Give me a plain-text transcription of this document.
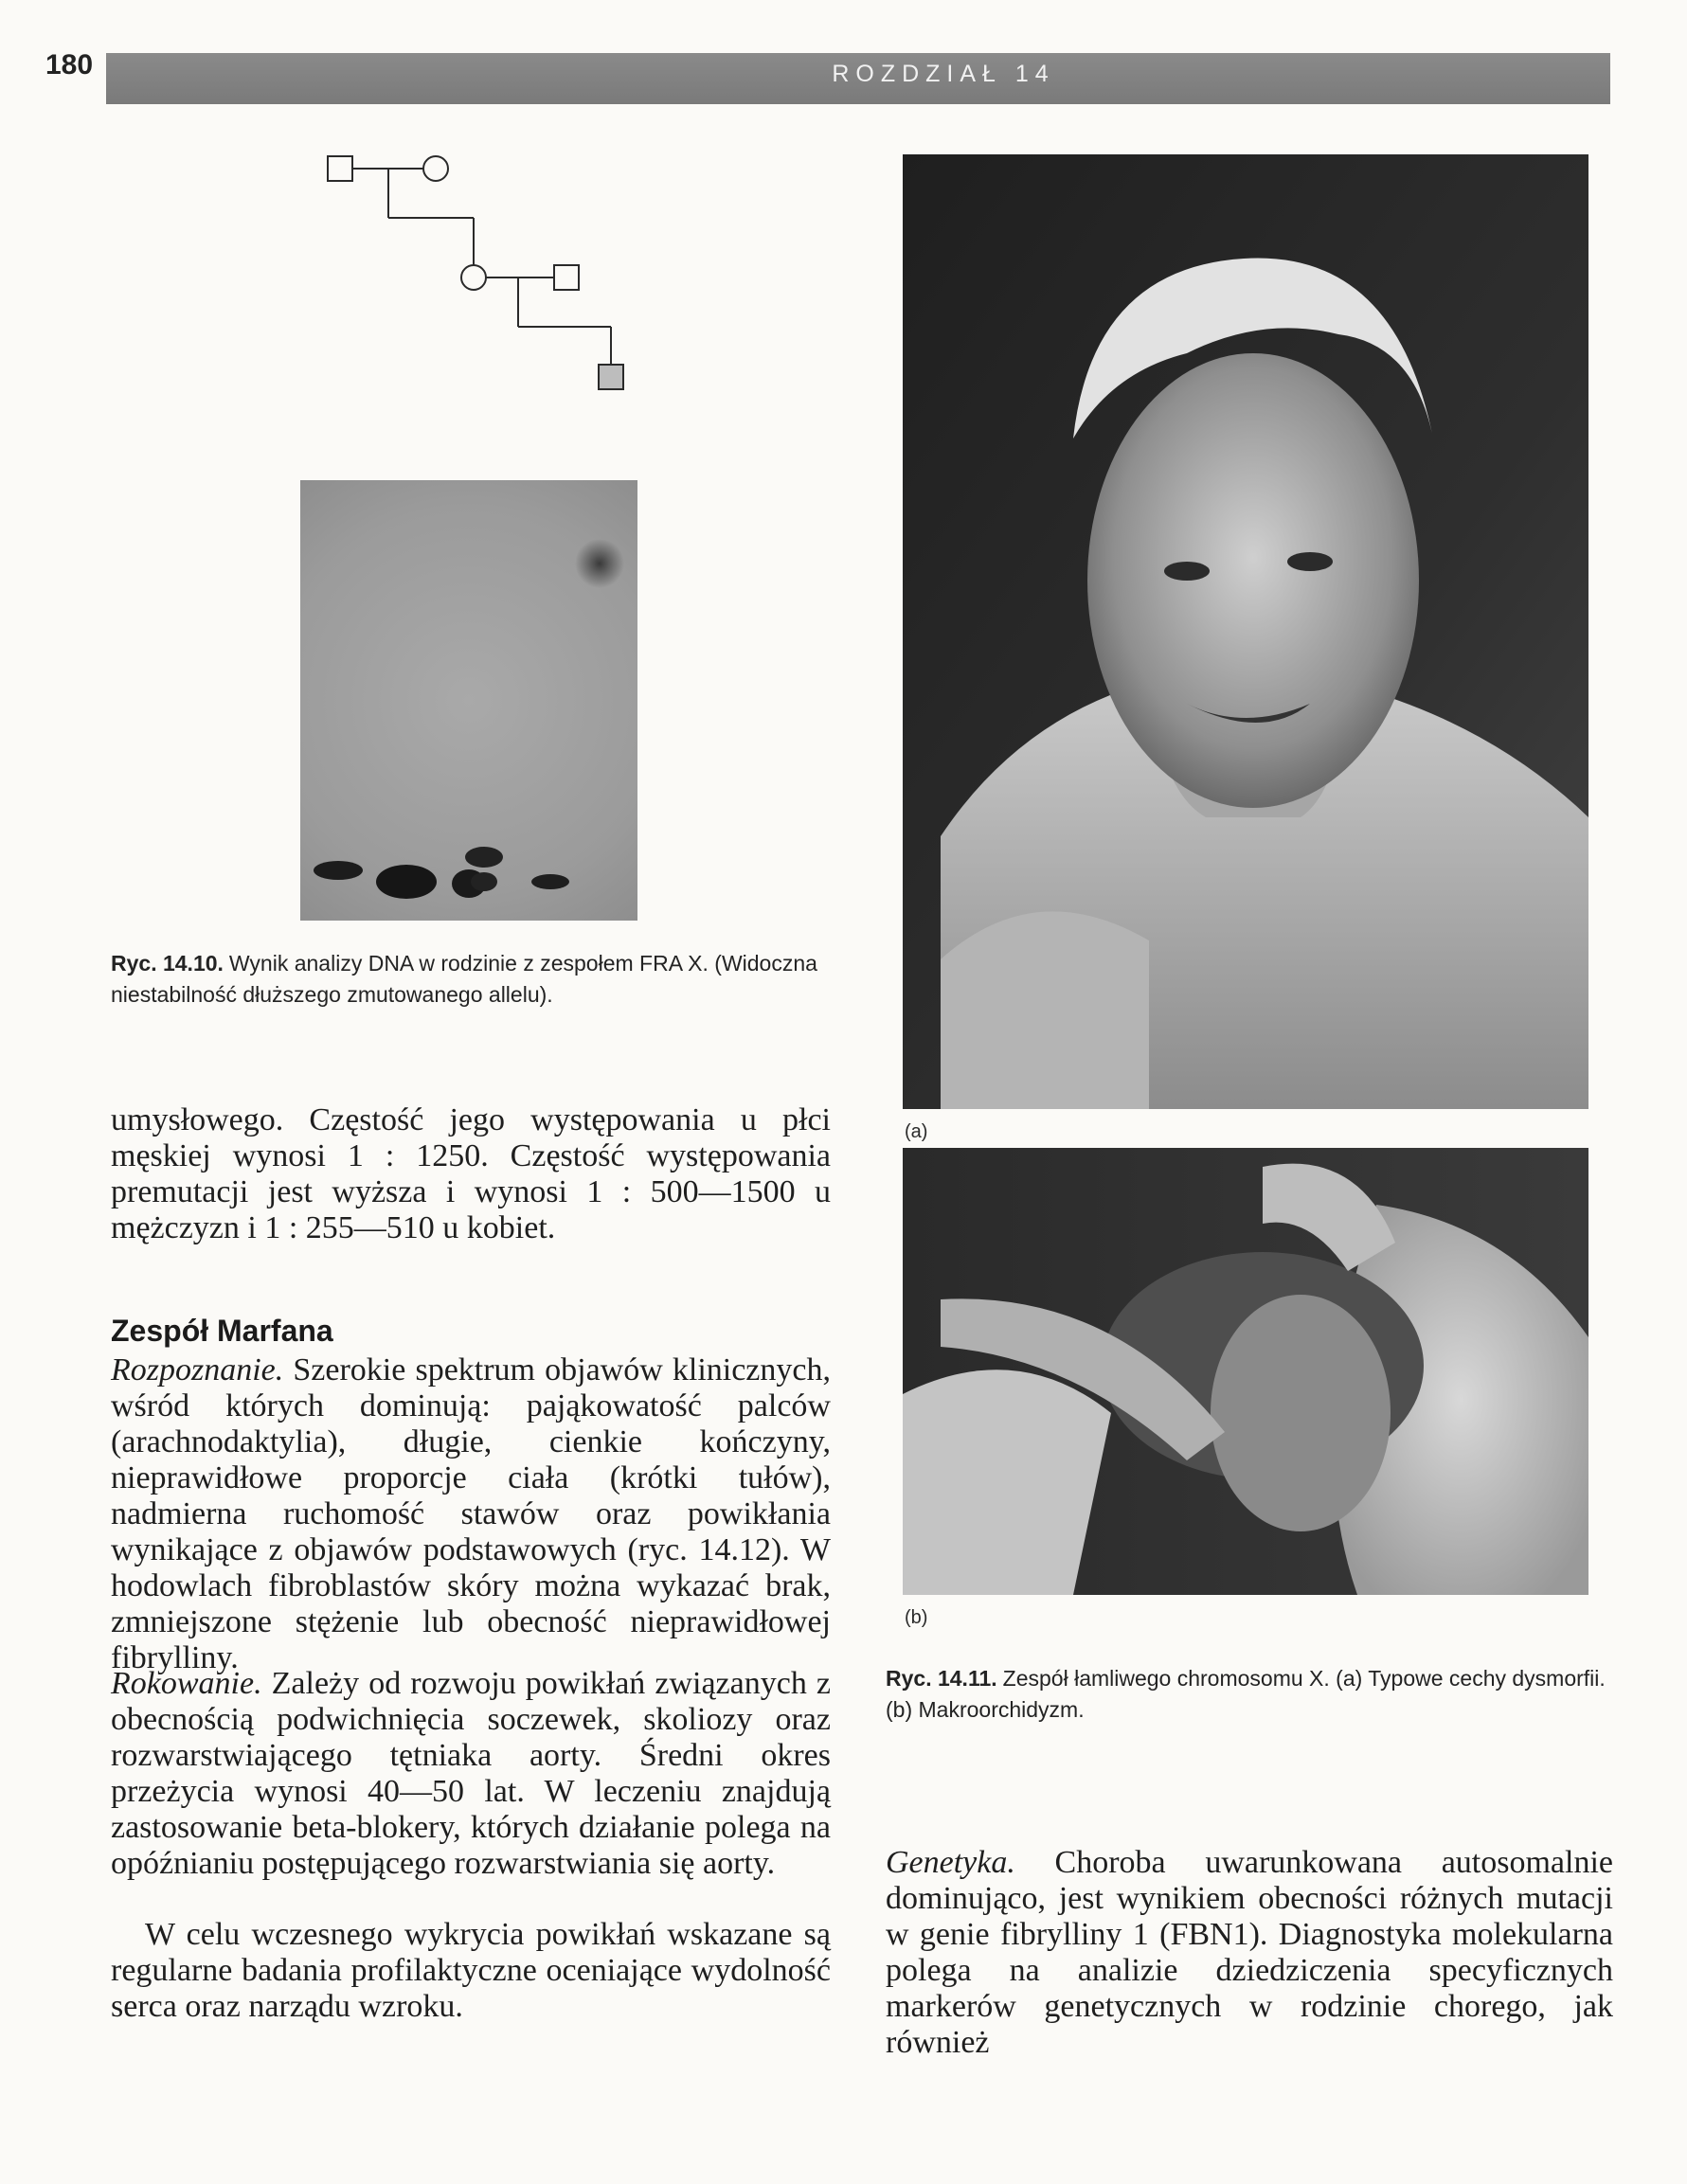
180	ROZDZIAŁ 14
Ryc. 14.10. Wynik analizy DNA w rodzinie z zespołem FRA X. (Widoczna niestabilność dłuższego zmutowanego allelu).
(a)
(b)
Ryc. 14.11. Zespół łamliwego chromosomu X. (a) Typowe cechy dysmorfii. (b) Makroorchidyzm.

umysłowego. Częstość jego występowania u płci męskiej wynosi 1 : 1250. Częstość występowania premutacji jest wyższa i wynosi 1 : 500—1500 u mężczyzn i 1 : 255—510 u kobiet.

Zespół Marfana

Rozpoznanie. Szerokie spektrum objawów klinicznych, wśród których dominują: pająkowatość palców (arachnodaktylia), długie, cienkie kończyny, nieprawidłowe proporcje ciała (krótki tułów), nadmierna ruchomość stawów oraz powikłania wynikające z objawów podstawowych (ryc. 14.12). W hodowlach fibroblastów skóry można wykazać brak, zmniejszone stężenie lub obecność nieprawidłowej fibrylliny.

Rokowanie. Zależy od rozwoju powikłań związanych z obecnością podwichnięcia soczewek, skoliozy oraz rozwarstwiającego tętniaka aorty. Średni okres przeżycia wynosi 40—50 lat. W leczeniu znajdują zastosowanie beta-blokery, których działanie polega na opóźnianiu postępującego rozwarstwiania się aorty.

W celu wczesnego wykrycia powikłań wskazane są regularne badania profilaktyczne oceniające wydolność serca oraz narządu wzroku.

Genetyka. Choroba uwarunkowana autosomalnie dominująco, jest wynikiem obecności różnych mutacji w genie fibrylliny 1 (FBN1). Diagnostyka molekularna polega na analizie dziedziczenia specyficznych markerów genetycznych w rodzinie chorego, jak również
